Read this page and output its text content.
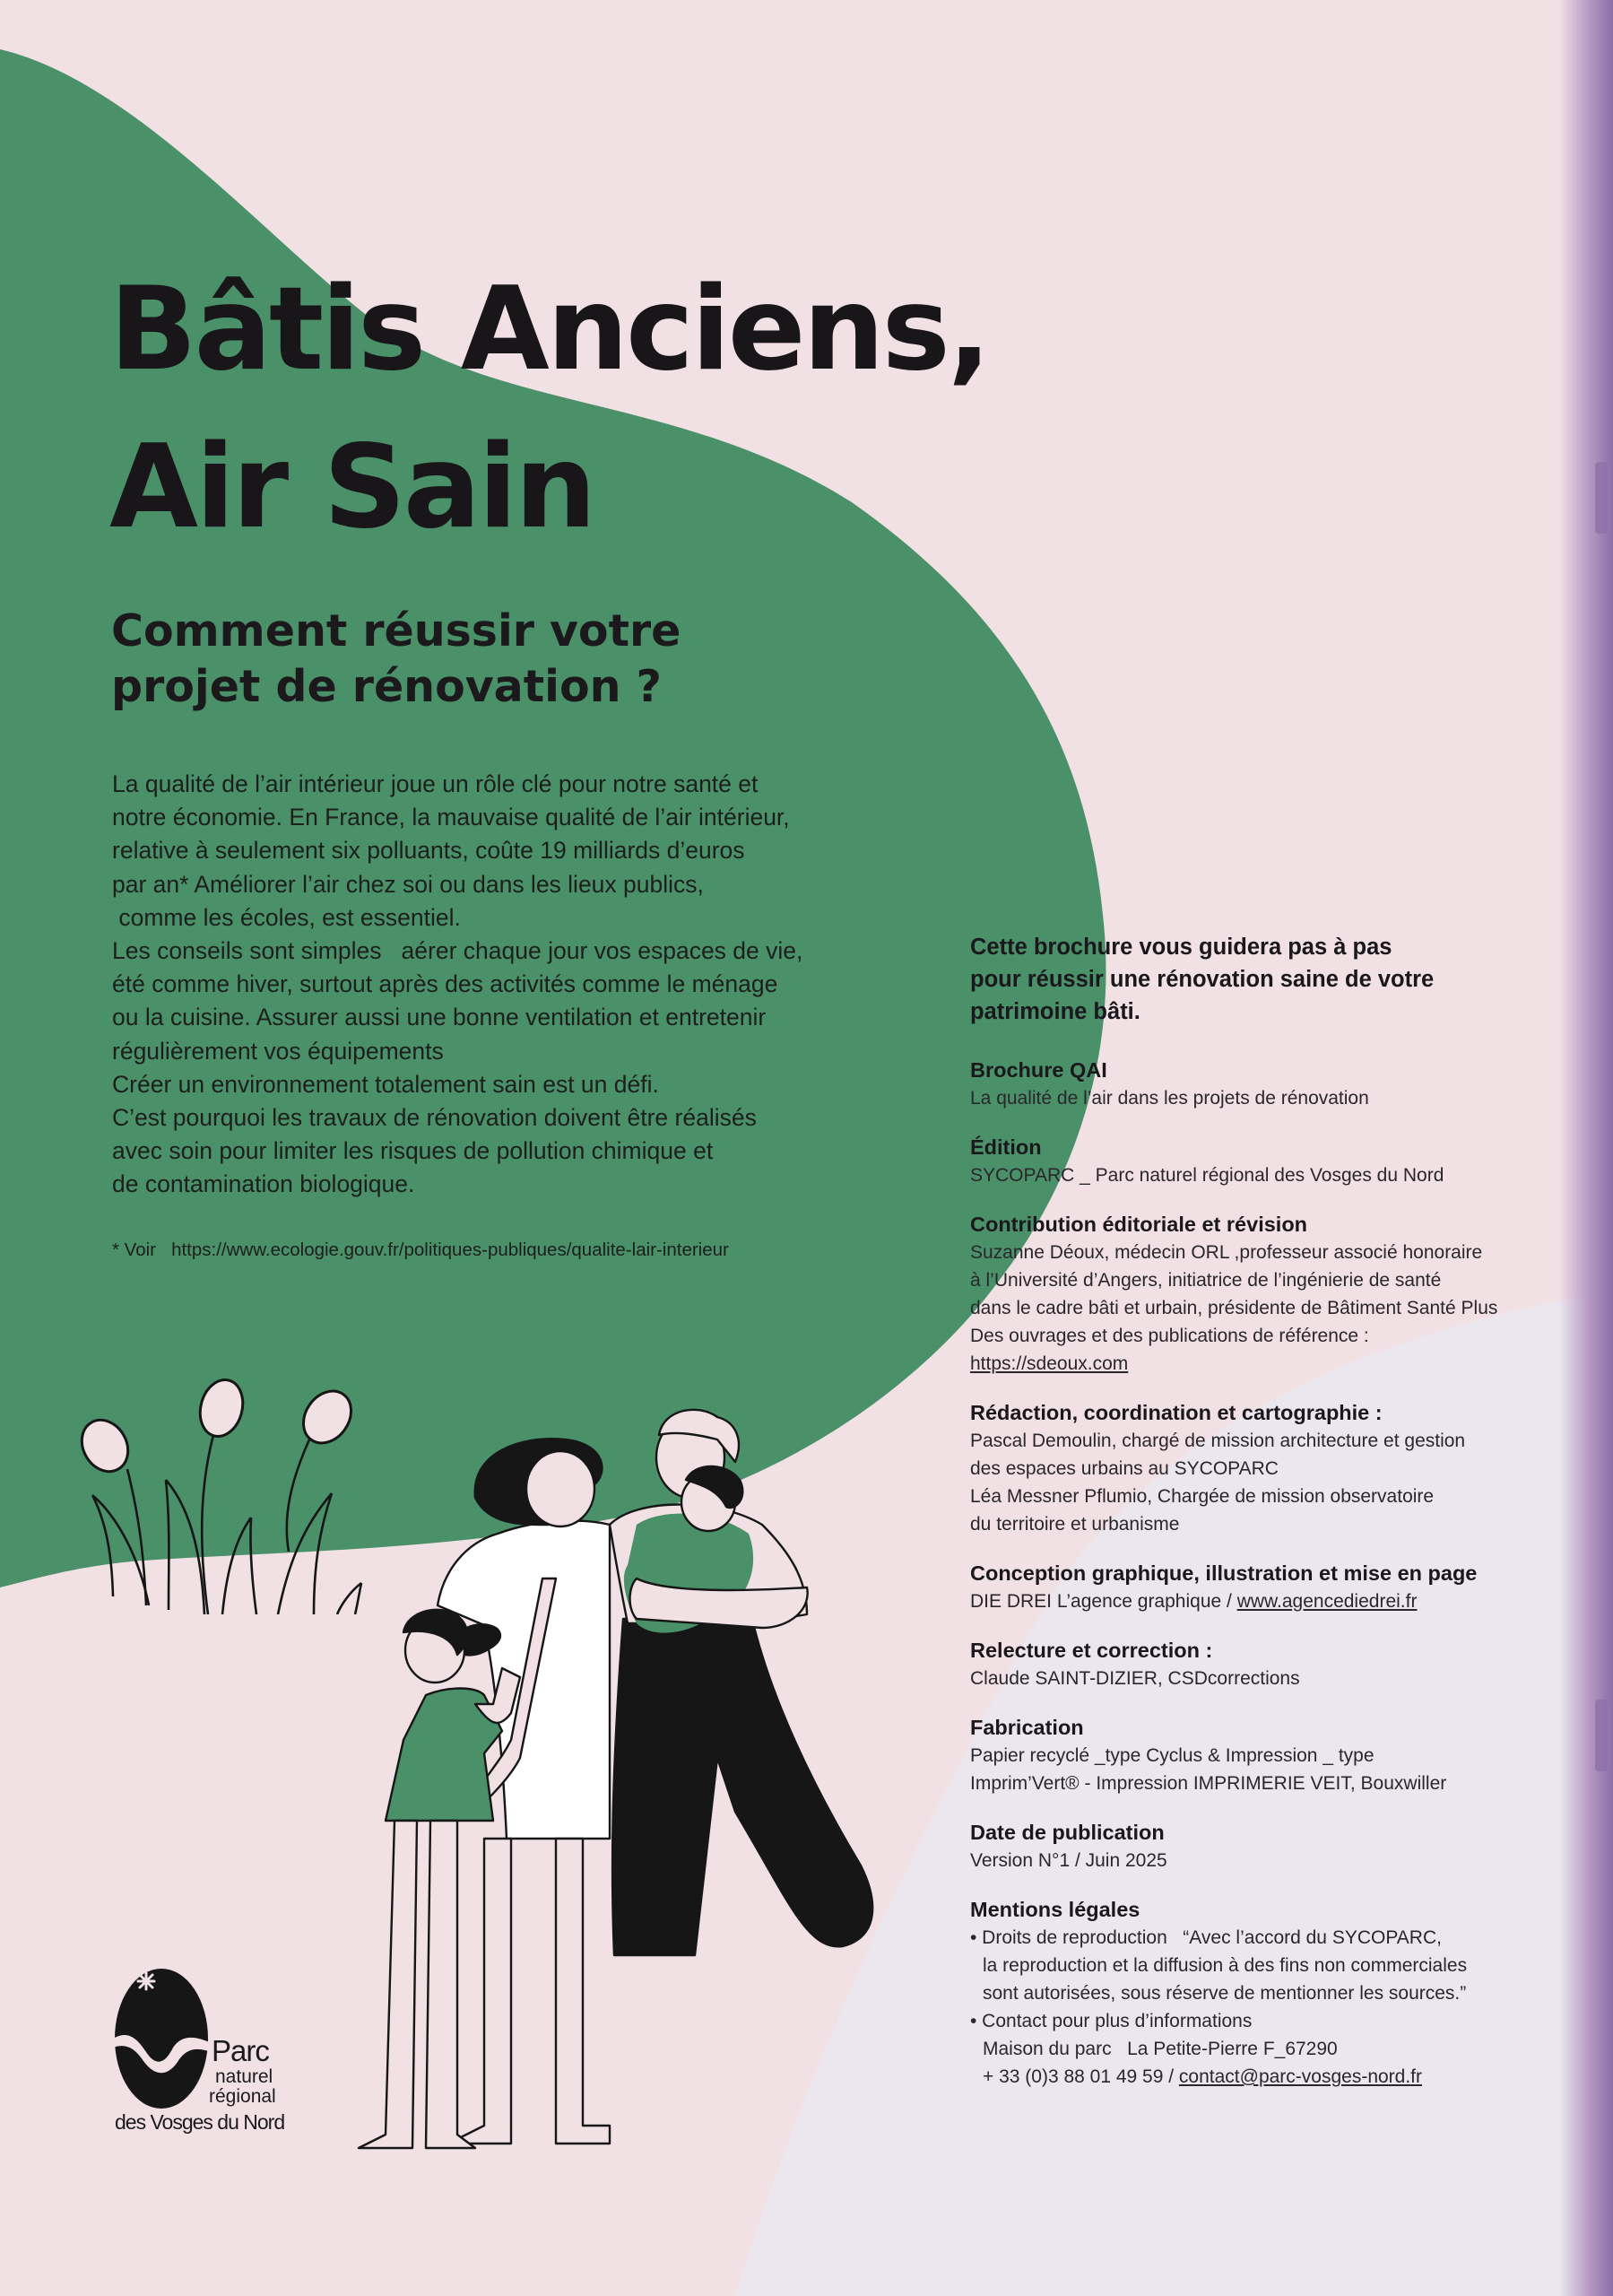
Bâtis Anciens,
Air Sain
Comment réussir votre
projet de rénovation ?

La qualité de l’air intérieur joue un rôle clé pour notre santé et

notre économie. En France, la mauvaise qualité de l’air intérieur,

relative à seulement six polluants, coûte 19 milliards d’euros

par an* Améliorer l’air chez soi ou dans les lieux publics,

comme les écoles, est essentiel.

Les conseils sont simples   aérer chaque jour vos espaces de vie,

été comme hiver, surtout après des activités comme le ménage

ou la cuisine. Assurer aussi une bonne ventilation et entretenir

régulièrement vos équipements

Créer un environnement totalement sain est un défi.

C’est pourquoi les travaux de rénovation doivent être réalisés

avec soin pour limiter les risques de pollution chimique et

de contamination biologique.

* Voir   https://www.ecologie.gouv.fr/politiques-publiques/qualite-lair-interieur
Parc
naturel
régional
des Vosges du Nord
Cette brochure vous guidera pas à pas
pour réussir une rénovation saine de votre
patrimoine bâti.
Brochure QAI

La qualité de l’air dans les projets de rénovation

Édition

SYCOPARC _ Parc naturel régional des Vosges du Nord

Contribution éditoriale et révision

Suzanne Déoux, médecin ORL ,professeur associé honoraire

à l’Université d’Angers, initiatrice de l’ingénierie de santé

dans le cadre bâti et urbain, présidente de Bâtiment Santé Plus

Des ouvrages et des publications de référence :

https://sdeoux.com

Rédaction, coordination et cartographie :

Pascal Demoulin, chargé de mission architecture et gestion

des espaces urbains au SYCOPARC

Léa Messner Pflumio, Chargée de mission observatoire

du territoire et urbanisme

Conception graphique, illustration et mise en page

DIE DREI L’agence graphique / www.agencediedrei.fr

Relecture et correction :

Claude SAINT-DIZIER, CSDcorrections

Fabrication

Papier recyclé _type Cyclus & Impression _ type

Imprim’Vert® - Impression IMPRIMERIE VEIT, Bouxwiller

Date de publication

Version N°1 / Juin 2025

Mentions légales

• Droits de reproduction   “Avec l’accord du SYCOPARC,

la reproduction et la diffusion à des fins non commerciales

sont autorisées, sous réserve de mentionner les sources.”

• Contact pour plus d’informations

Maison du parc   La Petite-Pierre F_67290

+ 33 (0)3 88 01 49 59 / contact@parc-vosges-nord.fr
